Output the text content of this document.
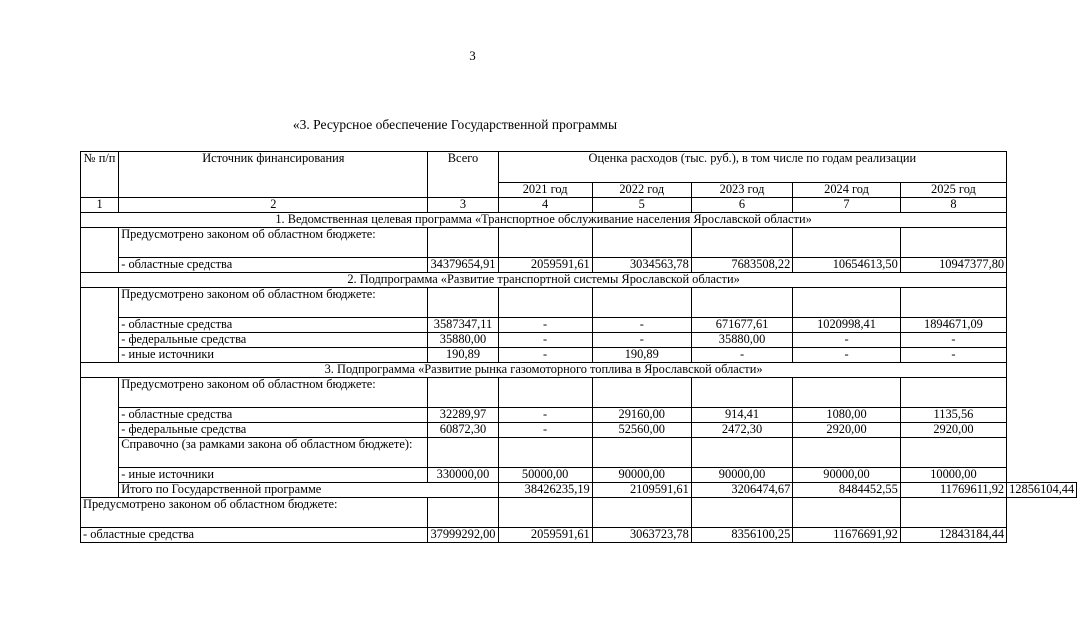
3
«3. Ресурсное обеспечение Государственной программы
№ п/п	Источник финансирования	Всего	Оценка расходов (тыс. руб.), в том числе по годам реализации					
			2021 год	2022 год	2023 год	2024 год	2025 год	
1	2	3	4	5	6	7	8	
1. Ведомственная целевая программа «Транспортное обслуживание населения Ярославской области»								
	Предусмотрено законом об областном бюджете:							
	- областные средства	34379654,91	2059591,61	3034563,78	7683508,22	10654613,50	10947377,80	
2. Подпрограмма «Развитие транспортной системы Ярославской области»								
	Предусмотрено законом об областном бюджете:							
	- областные средства	3587347,11	-	-	671677,61	1020998,41	1894671,09	
	- федеральные средства	35880,00	-	-	35880,00	-	-	
	- иные источники	190,89	-	190,89	-	-	-	
3. Подпрограмма «Развитие рынка газомоторного топлива в Ярославской области»								
	Предусмотрено законом об областном бюджете:							
	- областные средства	32289,97	-	29160,00	914,41	1080,00	1135,56	
	- федеральные средства	60872,30	-	52560,00	2472,30	2920,00	2920,00	
	Справочно (за рамками закона об областном бюджете):							
	- иные источники	330000,00	50000,00	90000,00	90000,00	90000,00	10000,00	
	Итого по Государственной программе		38426235,19	2109591,61	3206474,67	8484452,55	11769611,92	12856104,44
Предусмотрено законом об областном бюджете:								
- областные средства		37999292,00	2059591,61	3063723,78	8356100,25	11676691,92	12843184,44	
